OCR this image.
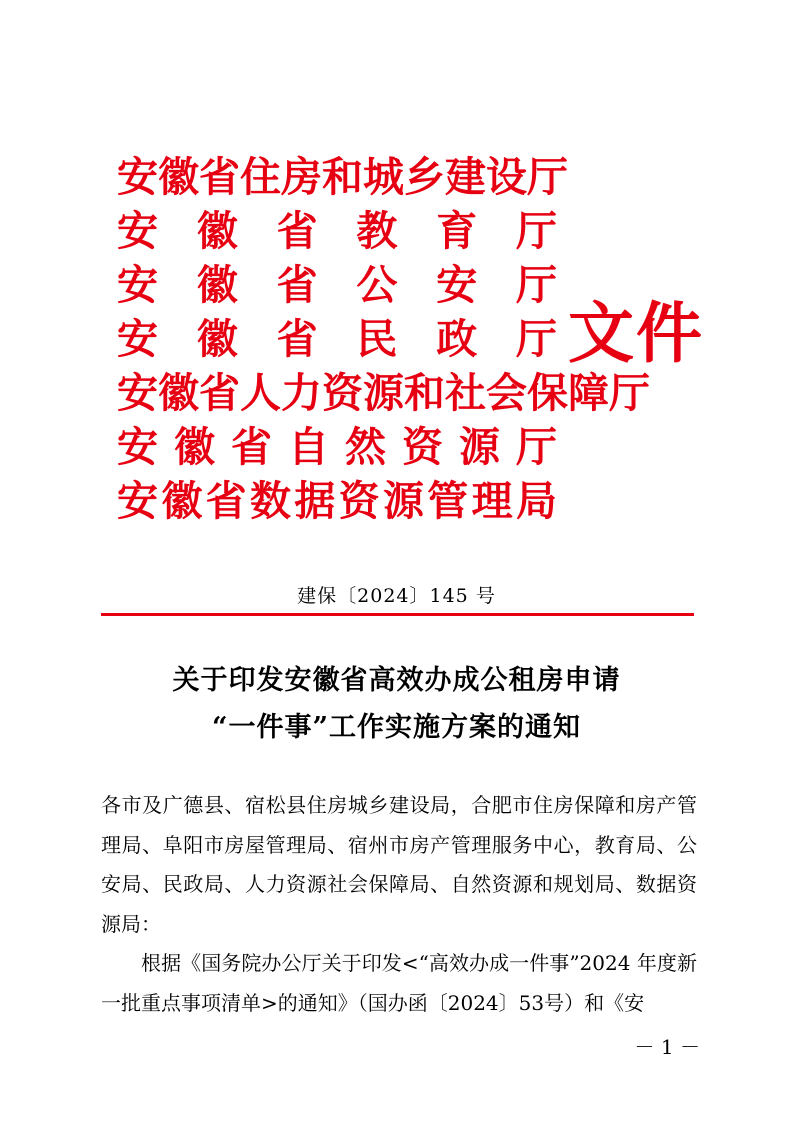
安 徽 省 住 房 和 城 乡 建 设 厅
安 徽 省 教 育 厅
安 徽 省 公 安 厅
安 徽 省 民 政 厅
安 徽 省 人 力 资 源 和 社 会 保 障 厅
安 徽 省 自 然 资 源 厅
安 徽 省 数 据 资 源 管 理 局
文件
建保〔2024〕145 号
关于印发安徽省高效办成公租房申请
“一件事”工作实施方案的通知

各市及广德县、宿松县住房城乡建设局，合肥市住房保障和房产管理局、阜阳市房屋管理局、宿州市房产管理服务中心，教育局、公安局、民政局、人力资源社会保障局、自然资源和规划局、数据资源局：

根据《国务院办公厅关于印发<“高效办成一件事”2024 年度新一批重点事项清单>的通知》（国办函〔2024〕53号）和《安

－ 1 －
